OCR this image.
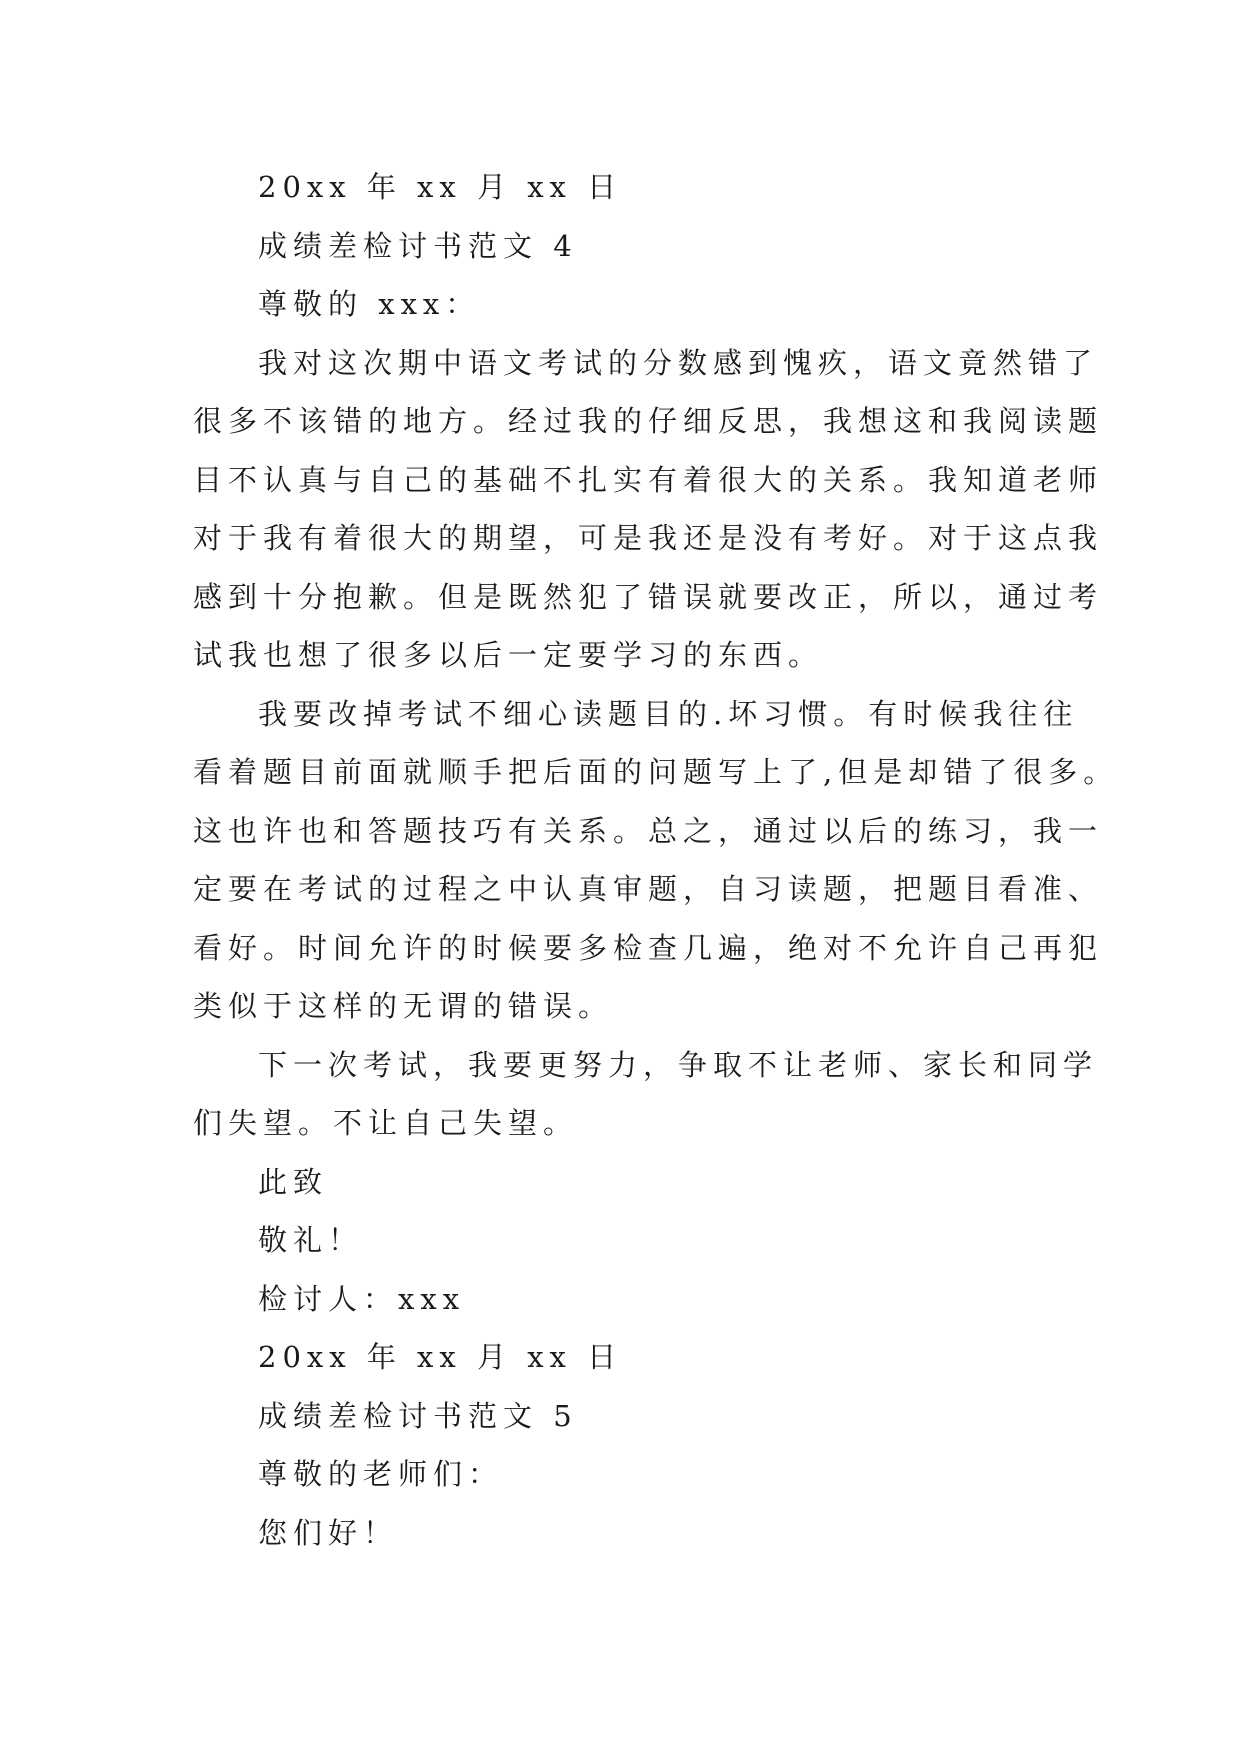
20xx 年 xx 月 xx 日

成绩差检讨书范文 4

尊敬的 xxx：

我对这次期中语文考试的分数感到愧疚，语文竟然错了

很多不该错的地方。经过我的仔细反思，我想这和我阅读题

目不认真与自己的基础不扎实有着很大的关系。我知道老师

对于我有着很大的期望，可是我还是没有考好。对于这点我

感到十分抱歉。但是既然犯了错误就要改正，所以，通过考

试我也想了很多以后一定要学习的东西。

我要改掉考试不细心读题目的.坏习惯。有时候我往往

看着题目前面就顺手把后面的问题写上了,但是却错了很多。

这也许也和答题技巧有关系。总之，通过以后的练习，我一

定要在考试的过程之中认真审题，自习读题，把题目看准、

看好。时间允许的时候要多检查几遍，绝对不允许自己再犯

类似于这样的无谓的错误。

下一次考试，我要更努力，争取不让老师、家长和同学

们失望。不让自己失望。

此致

敬礼！

检讨人：xxx

20xx 年 xx 月 xx 日

成绩差检讨书范文 5

尊敬的老师们：

您们好！
